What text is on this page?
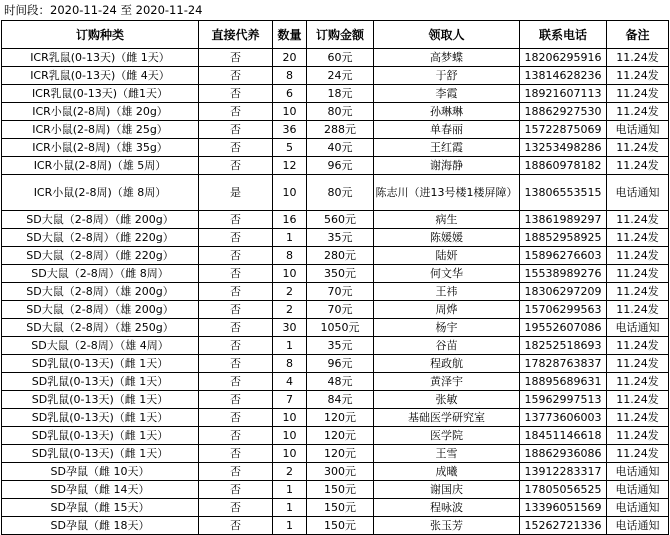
时间段：2020-11-24 至 2020-11-24
订购种类	直接代养	数量	订购金额	领取人	联系电话	备注
ICR乳鼠(0-13天)（雌 1天）	否	20	60元	高梦蝶	18206295916	11.24发
ICR乳鼠(0-13天)（雌 4天）	否	8	24元	于舒	13814628236	11.24发
ICR乳鼠(0-13天)（雌1天）	否	6	18元	李霞	18921607113	11.24发
ICR小鼠(2-8周)（雄 20g）	否	10	80元	孙琳琳	18862927530	11.24发
ICR小鼠(2-8周)（雄 25g）	否	36	288元	单春丽	15722875069	电话通知
ICR小鼠(2-8周)（雄 35g）	否	5	40元	王红霞	13253498286	11.24发
ICR小鼠(2-8周)（雄 5周）	否	12	96元	谢海静	18860978182	11.24发
ICR小鼠(2-8周)（雄 8周）	是	10	80元	陈志川（进13号楼1楼屏障）	13806553515	电话通知
SD大鼠（2-8周）（雌 200g）	否	16	560元	病生	13861989297	11.24发
SD大鼠（2-8周）（雌 220g）	否	1	35元	陈媛媛	18852958925	11.24发
SD大鼠（2-8周）（雌 220g）	否	8	280元	陆妍	15896276603	11.24发
SD大鼠（2-8周）（雌 8周）	否	10	350元	何文华	15538989276	11.24发
SD大鼠（2-8周）（雄 200g）	否	2	70元	王祎	18306297209	11.24发
SD大鼠（2-8周）（雄 200g）	否	2	70元	周烨	15706299563	11.24发
SD大鼠（2-8周）（雄 250g）	否	30	1050元	杨宇	19552607086	电话通知
SD大鼠（2-8周）（雄 4周）	否	1	35元	谷苗	18252518693	11.24发
SD乳鼠(0-13天)（雌 1天）	否	8	96元	程政航	17828763837	11.24发
SD乳鼠(0-13天)（雌 1天）	否	4	48元	黄泽宇	18895689631	11.24发
SD乳鼠(0-13天)（雌 1天）	否	7	84元	张敏	15962997513	11.24发
SD乳鼠(0-13天)（雌 1天）	否	10	120元	基础医学研究室	13773606003	11.24发
SD乳鼠(0-13天)（雌 1天）	否	10	120元	医学院	18451146618	11.24发
SD乳鼠(0-13天)（雌 1天）	否	10	120元	王雪	18862936086	11.24发
SD孕鼠（雌 10天）	否	2	300元	成曦	13912283317	电话通知
SD孕鼠（雌 14天）	否	1	150元	谢国庆	17805056525	电话通知
SD孕鼠（雌 15天）	否	1	150元	程咏波	13396051569	电话通知
SD孕鼠（雌 18天）	否	1	150元	张玉芳	15262721336	电话通知
